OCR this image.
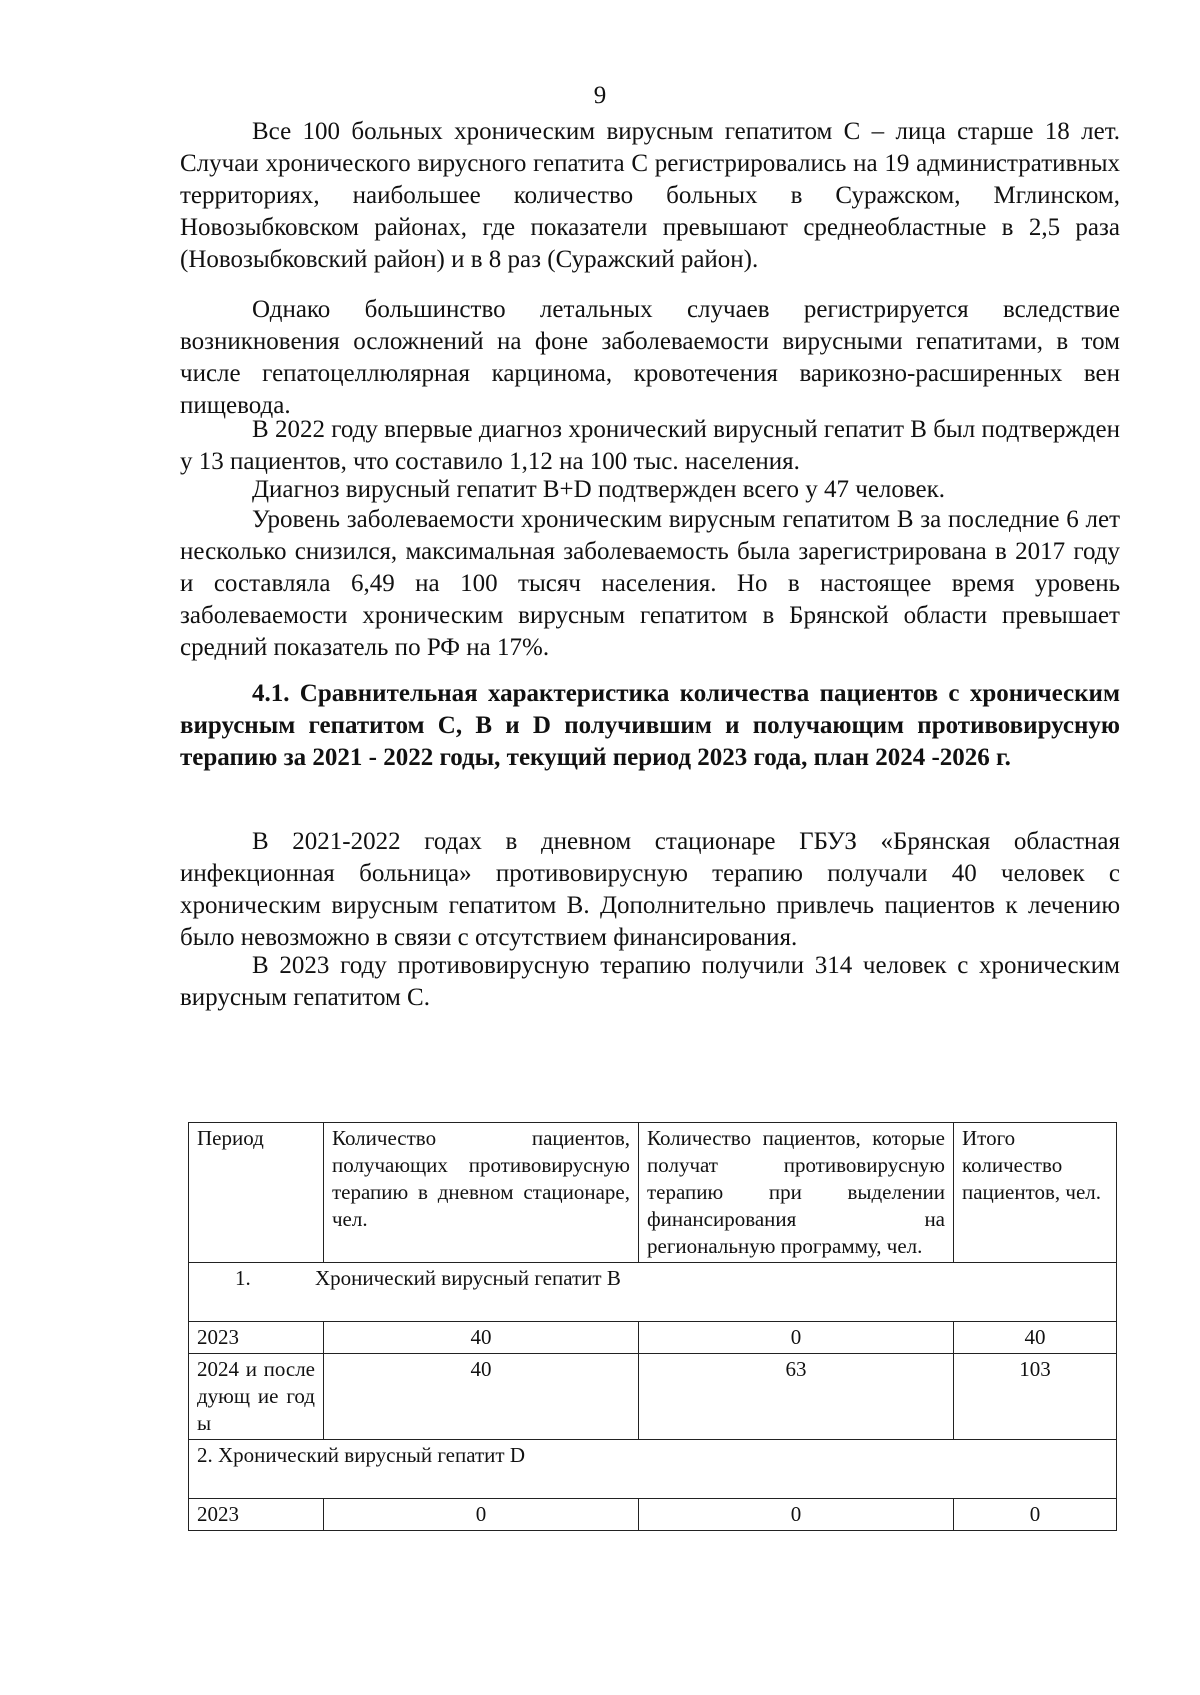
9

Все 100 больных хроническим вирусным гепатитом С – лица старше 18 лет. Случаи хронического вирусного гепатита С регистрировались на 19 административных территориях, наибольшее количество больных в Суражском, Мглинском, Новозыбковском районах, где показатели превышают среднеобластные в 2,5 раза (Новозыбковский район) и в 8 раз (Суражский район).

Однако большинство летальных случаев регистрируется вследствие возникновения осложнений на фоне заболеваемости вирусными гепатитами, в том числе гепатоцеллюлярная карцинома, кровотечения варикозно-расширенных вен пищевода.

В 2022 году впервые диагноз хронический вирусный гепатит В был подтвержден у 13 пациентов, что составило 1,12 на 100 тыс. населения.

Диагноз вирусный гепатит B+D подтвержден всего у 47 человек.

Уровень заболеваемости хроническим вирусным гепатитом В за последние 6 лет несколько снизился, максимальная заболеваемость была зарегистрирована в 2017 году и составляла 6,49 на 100 тысяч населения. Но в настоящее время уровень заболеваемости хроническим вирусным гепатитом в Брянской области превышает средний показатель по РФ на 17%.

4.1. Сравнительная характеристика количества пациентов с хроническим вирусным гепатитом С, В и D получившим и получающим противовирусную терапию за 2021 - 2022 годы, текущий период 2023 года, план 2024 -2026 г.

В 2021-2022 годах в дневном стационаре ГБУЗ «Брянская областная инфекционная больница» противовирусную терапию получали 40 человек с хроническим вирусным гепатитом В. Дополнительно привлечь пациентов к лечению было невозможно в связи с отсутствием финансирования.

В 2023 году противовирусную терапию получили 314 человек с хроническим вирусным гепатитом С.

Период	Количество пациентов, получающих противовирусную терапию в дневном стационаре, чел.	Количество пациентов, которые получат противовирусную терапию при выделении финансирования на региональную программу, чел.	Итого количество пациентов, чел.
1. Хронический вирусный гепатит В			
2023	40	0	40
2024 и последующ ие годы	40	63	103
2. Хронический вирусный гепатит D			
2023	0	0	0
